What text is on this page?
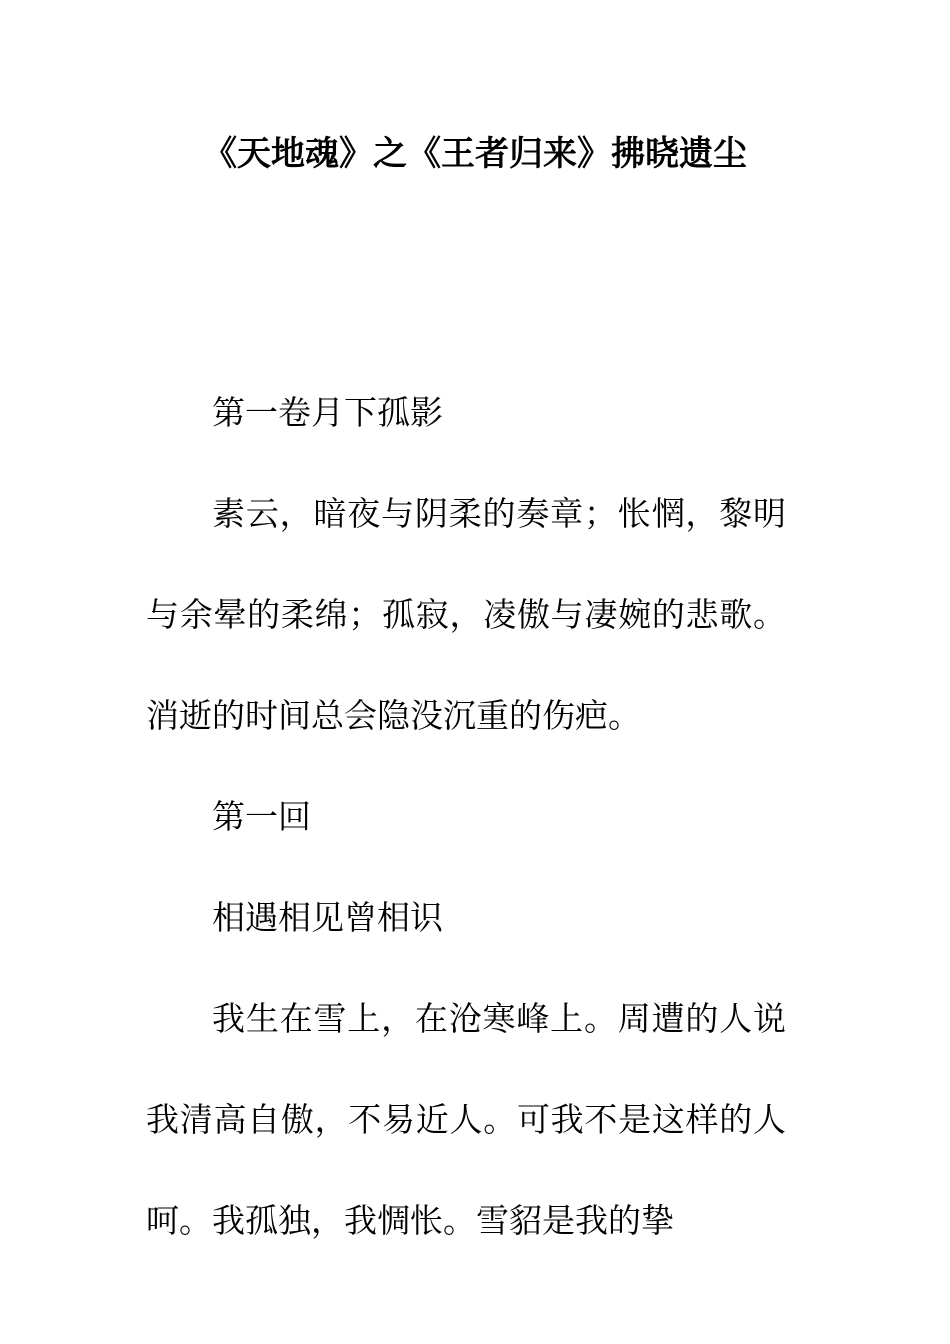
《天地魂》之《王者归来》拂晓遗尘

第一卷月下孤影

素云，暗夜与阴柔的奏章；怅惘，黎明与余晕的柔绵；孤寂，凌傲与凄婉的悲歌。消逝的时间总会隐没沉重的伤疤。

第一回

相遇相见曾相识

我生在雪上，在沧寒峰上。周遭的人说我清高自傲，不易近人。可我不是这样的人呵。我孤独，我惆怅。雪貂是我的挚
